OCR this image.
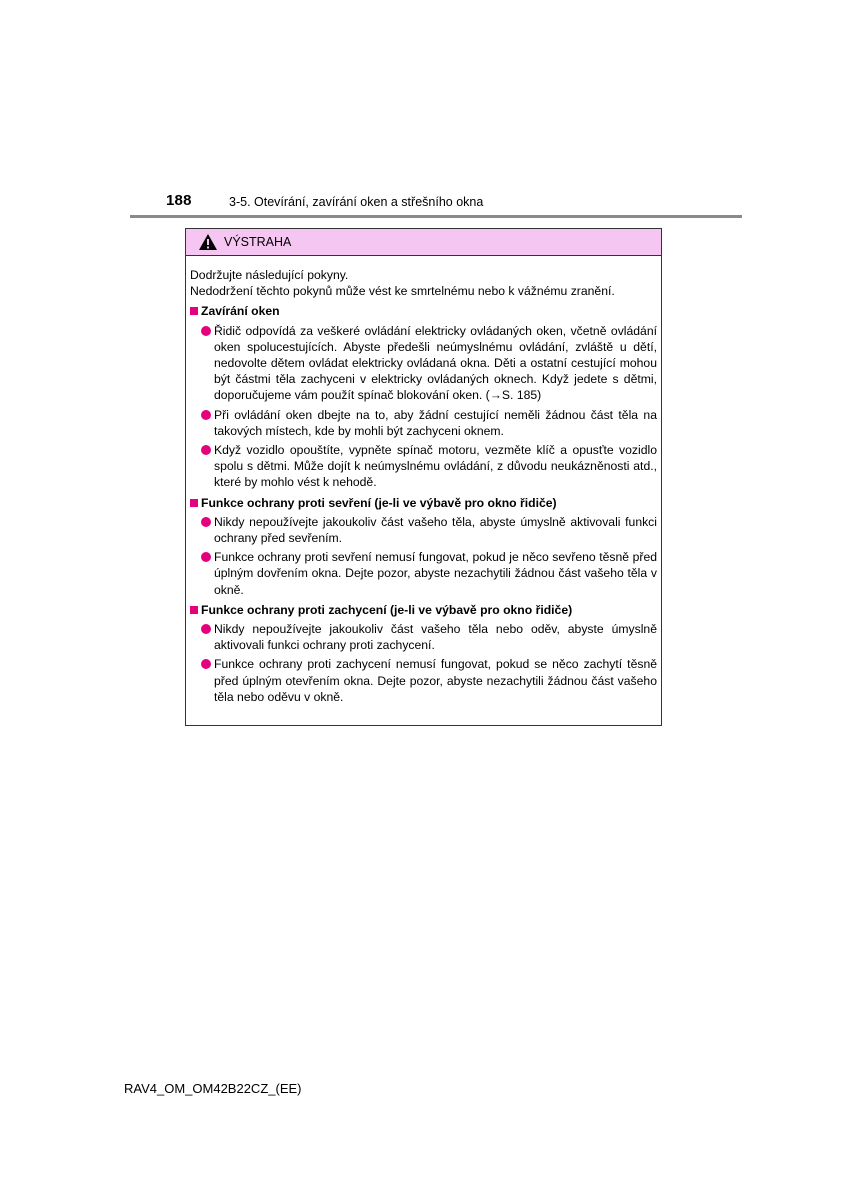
188	3-5. Otevírání, zavírání oken a střešního okna
VÝSTRAHA

Dodržujte následující pokyny.

Nedodržení těchto pokynů může vést ke smrtelnému nebo k vážnému zranění.

Zavírání oken
Řidič odpovídá za veškeré ovládání elektricky ovládaných oken, včetně ovládání oken spolucestujících. Abyste předešli neúmyslnému ovládání, zvláště u dětí, nedovolte dětem ovládat elektricky ovládaná okna. Děti a ostatní cestující mohou být částmi těla zachyceni v elektricky ovládaných oknech. Když jedete s dětmi, doporučujeme vám použít spínač blokování oken. (→S. 185)
Při ovládání oken dbejte na to, aby žádní cestující neměli žádnou část těla na takových místech, kde by mohli být zachyceni oknem.
Když vozidlo opouštíte, vypněte spínač motoru, vezměte klíč a opusťte vozidlo spolu s dětmi. Může dojít k neúmyslnému ovládání, z důvodu neukázněnosti atd., které by mohlo vést k nehodě.
Funkce ochrany proti sevření (je-li ve výbavě pro okno řidiče)
Nikdy nepoužívejte jakoukoliv část vašeho těla, abyste úmyslně aktivovali funkci ochrany před sevřením.
Funkce ochrany proti sevření nemusí fungovat, pokud je něco sevřeno těsně před úplným dovřením okna. Dejte pozor, abyste nezachytili žádnou část vašeho těla v okně.
Funkce ochrany proti zachycení (je-li ve výbavě pro okno řidiče)
Nikdy nepoužívejte jakoukoliv část vašeho těla nebo oděv, abyste úmyslně aktivovali funkci ochrany proti zachycení.
Funkce ochrany proti zachycení nemusí fungovat, pokud se něco zachytí těsně před úplným otevřením okna. Dejte pozor, abyste nezachytili žádnou část vašeho těla nebo oděvu v okně.
RAV4_OM_OM42B22CZ_(EE)
